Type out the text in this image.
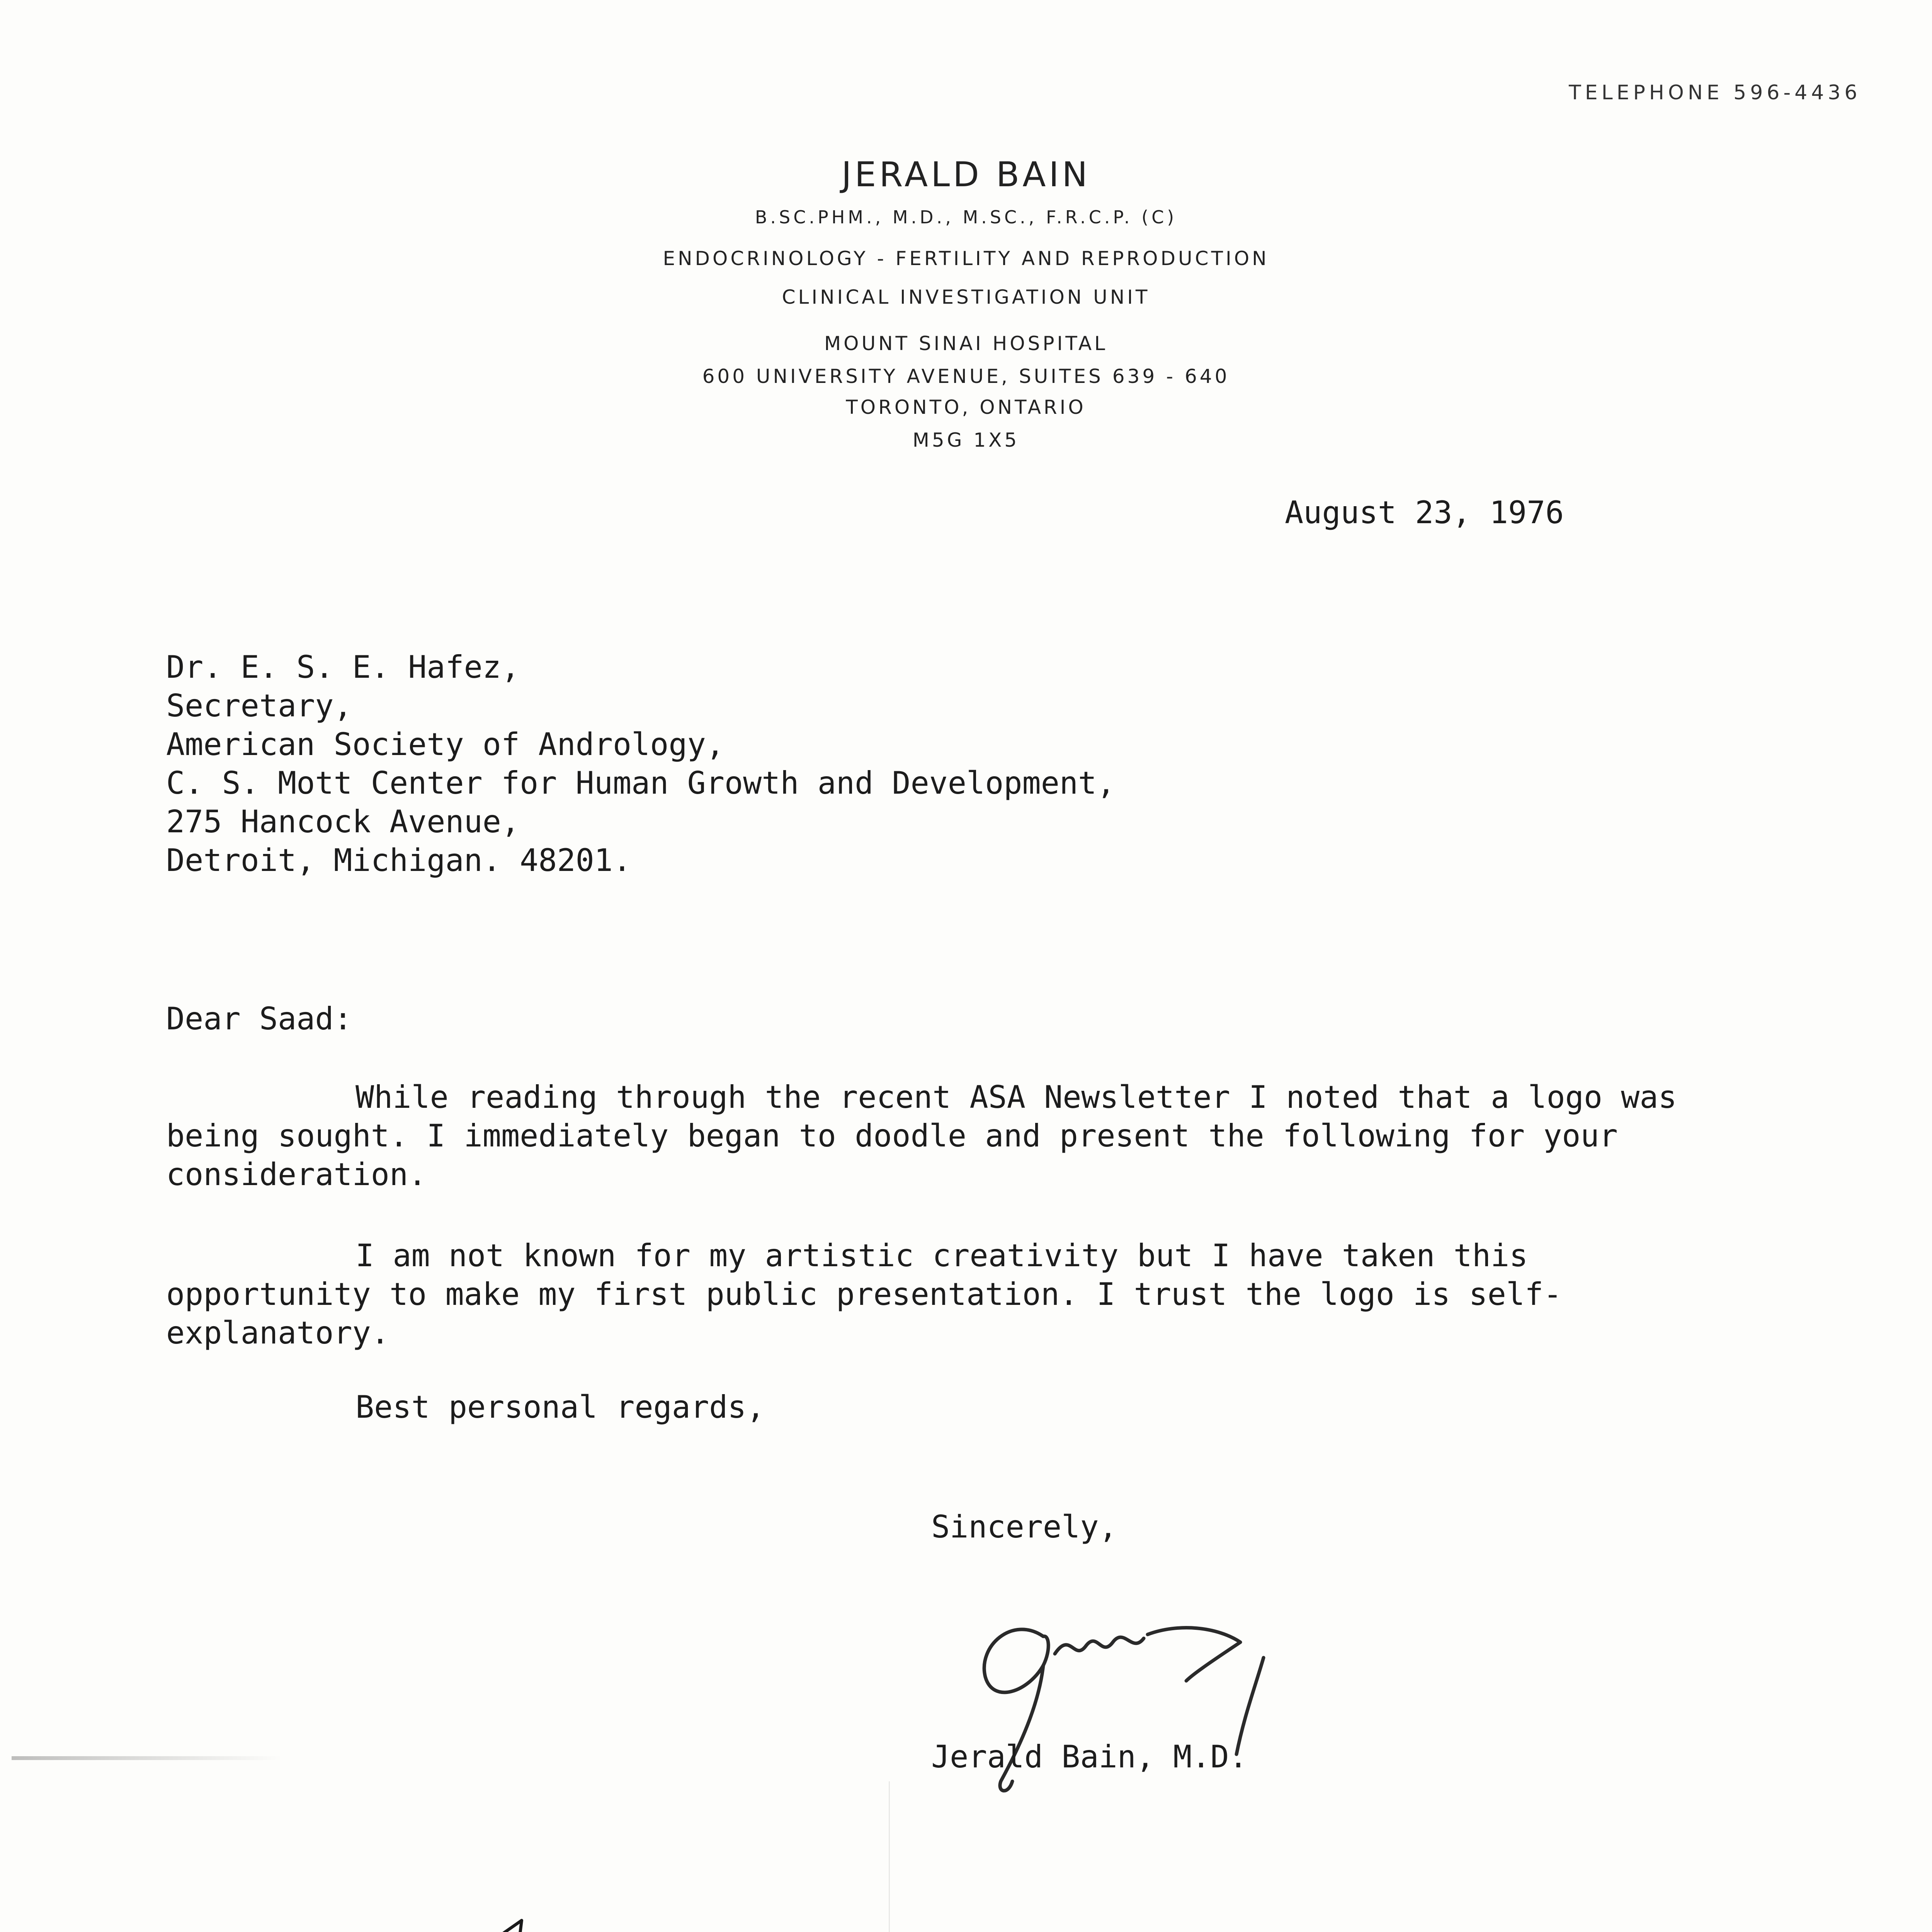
TELEPHONE 596-4436
JERALD BAIN
B.SC.PHM., M.D., M.SC., F.R.C.P. (C)
ENDOCRINOLOGY - FERTILITY AND REPRODUCTION
CLINICAL INVESTIGATION UNIT
MOUNT SINAI HOSPITAL
600 UNIVERSITY AVENUE, SUITES 639 - 640
TORONTO, ONTARIO
M5G 1X5
August 23, 1976
Dr. E. S. E. Hafez,
Secretary,
American Society of Andrology,
C. S. Mott Center for Human Growth and Development,
275 Hancock Avenue,
Detroit, Michigan. 48201.
Dear Saad:
While reading through the recent ASA Newsletter I noted that a logo was being sought. I immediately began to doodle and present the following for your consideration.
I am not known for my artistic creativity but I have taken this opportunity to make my first public presentation. I trust the logo is self-explanatory.
Best personal regards,
Sincerely,
Jerald Bain, M.D.
